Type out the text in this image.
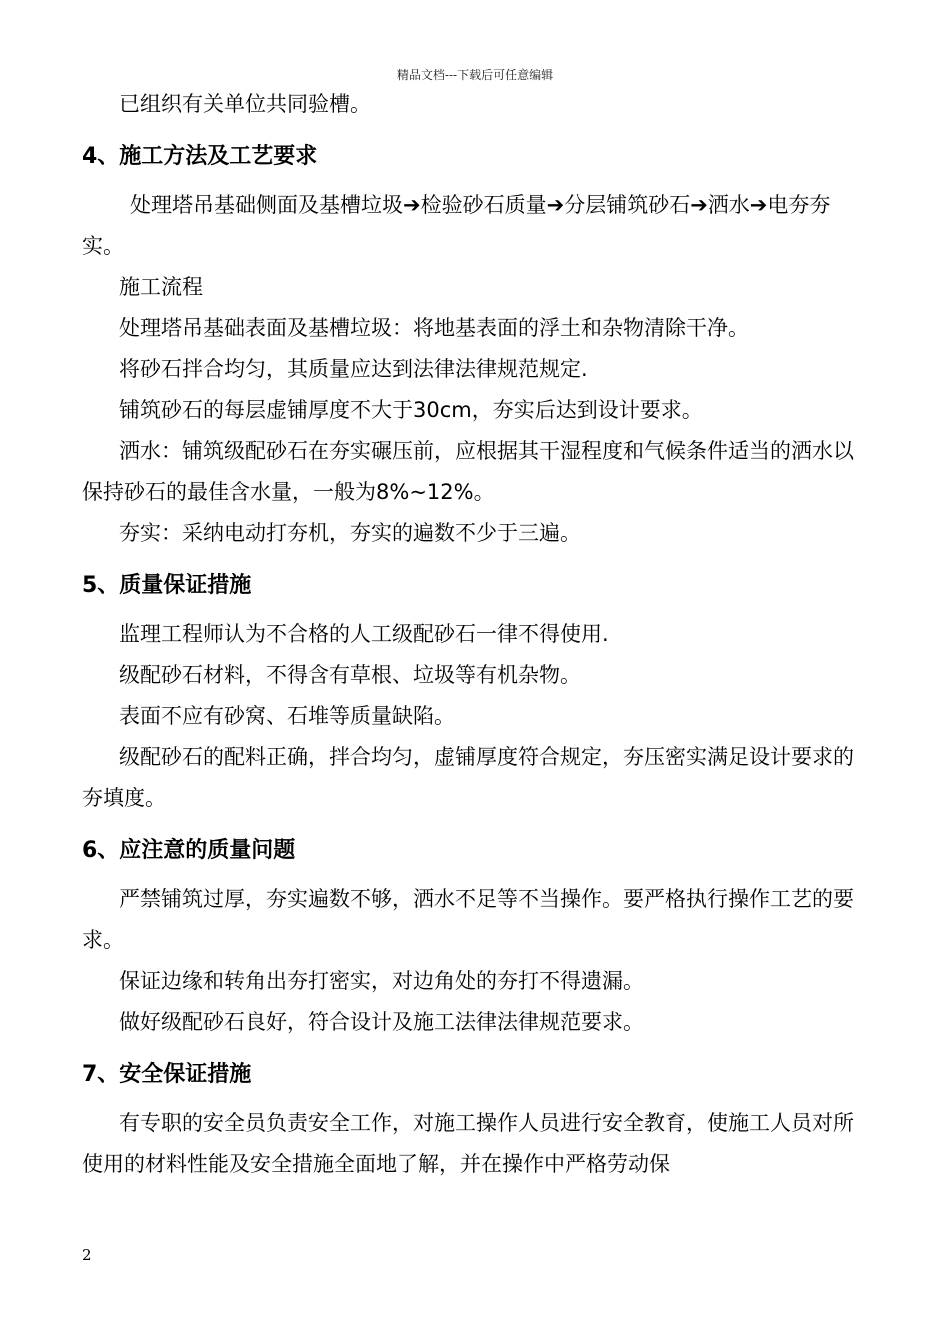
精品文档---下载后可任意编辑

已组织有关单位共同验槽。

4、施工方法及工艺要求

处理塔吊基础侧面及基槽垃圾➔检验砂石质量➔分层铺筑砂石➔洒水➔电夯夯实。

施工流程

处理塔吊基础表面及基槽垃圾：将地基表面的浮土和杂物清除干净。

将砂石拌合均匀，其质量应达到法律法律规范规定.

铺筑砂石的每层虚铺厚度不大于30cm，夯实后达到设计要求。

洒水：铺筑级配砂石在夯实碾压前，应根据其干湿程度和气候条件适当的洒水以保持砂石的最佳含水量，一般为8%~12%。

夯实：采纳电动打夯机，夯实的遍数不少于三遍。

5、质量保证措施

监理工程师认为不合格的人工级配砂石一律不得使用.

级配砂石材料，不得含有草根、垃圾等有机杂物。

表面不应有砂窝、石堆等质量缺陷。

级配砂石的配料正确，拌合均匀，虚铺厚度符合规定，夯压密实满足设计要求的夯填度。

6、应注意的质量问题

严禁铺筑过厚，夯实遍数不够，洒水不足等不当操作。要严格执行操作工艺的要求。

保证边缘和转角出夯打密实，对边角处的夯打不得遗漏。

做好级配砂石良好，符合设计及施工法律法律规范要求。

7、安全保证措施

有专职的安全员负责安全工作，对施工操作人员进行安全教育，使施工人员对所使用的材料性能及安全措施全面地了解，并在操作中严格劳动保

2
